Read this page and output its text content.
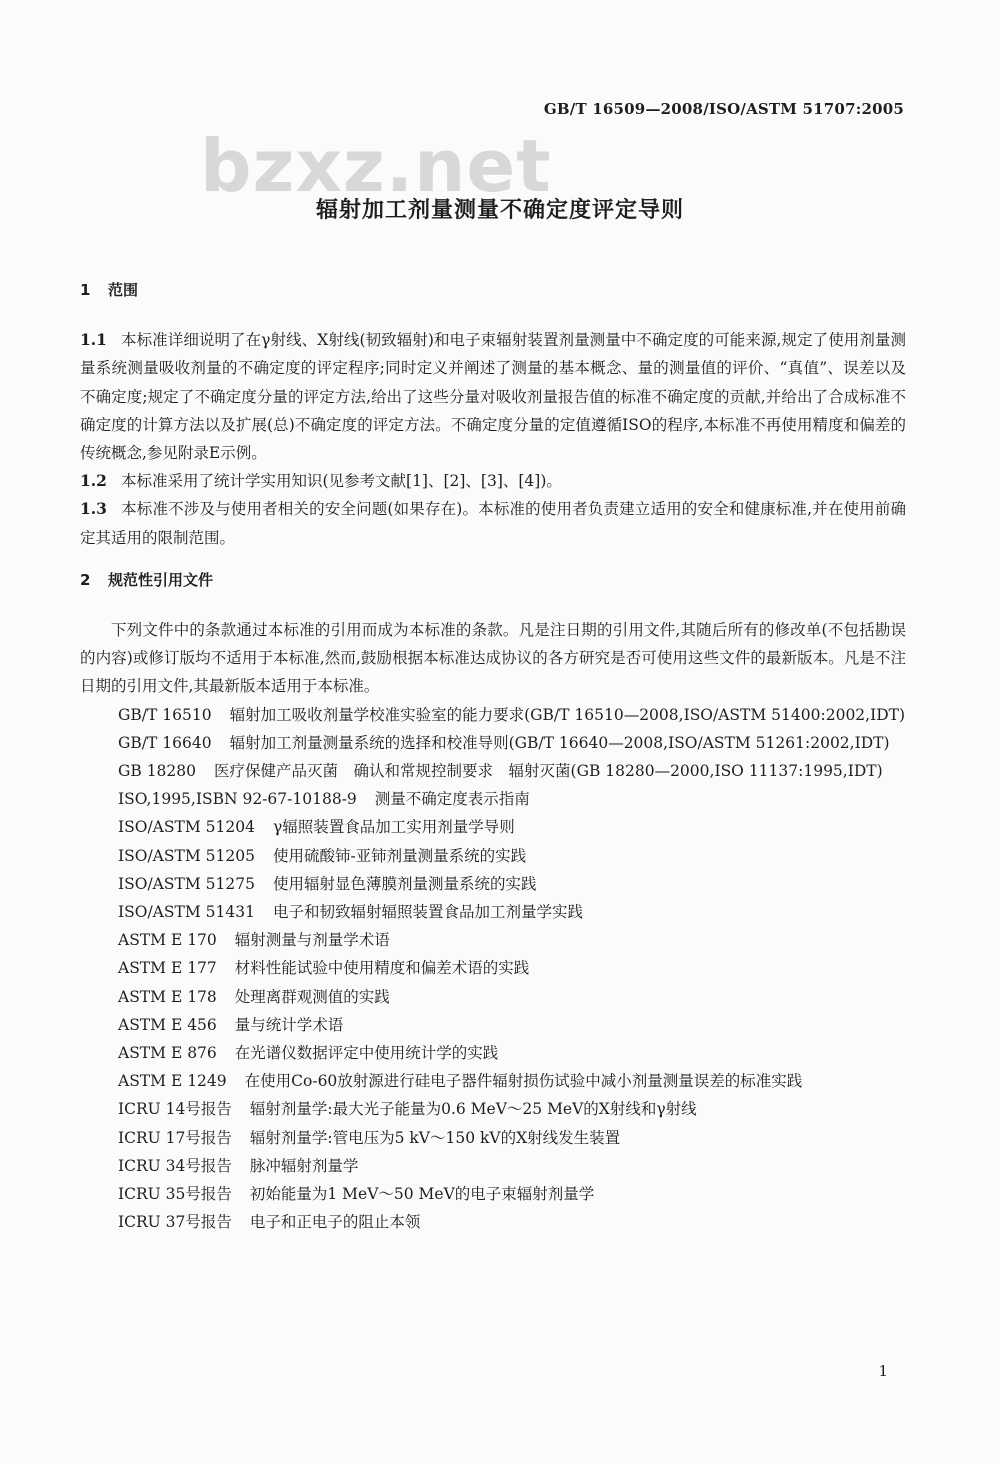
GB/T 16509—2008/ISO/ASTM 51707:2005
bzxz.net
辐射加工剂量测量不确定度评定导则
1 范围
1.1 本标准详细说明了在γ射线、X射线(韧致辐射)和电子束辐射装置剂量测量中不确定度的可能来源,规定了使用剂量测量系统测量吸收剂量的不确定度的评定程序;同时定义并阐述了测量的基本概念、量的测量值的评价、“真值”、误差以及不确定度;规定了不确定度分量的评定方法,给出了这些分量对吸收剂量报告值的标准不确定度的贡献,并给出了合成标准不确定度的计算方法以及扩展(总)不确定度的评定方法。不确定度分量的定值遵循ISO的程序,本标准不再使用精度和偏差的传统概念,参见附录E示例。
1.2 本标准采用了统计学实用知识(见参考文献[1]、[2]、[3]、[4])。
1.3 本标准不涉及与使用者相关的安全问题(如果存在)。本标准的使用者负责建立适用的安全和健康标准,并在使用前确定其适用的限制范围。
2 规范性引用文件
下列文件中的条款通过本标准的引用而成为本标准的条款。凡是注日期的引用文件,其随后所有的修改单(不包括勘误的内容)或修订版均不适用于本标准,然而,鼓励根据本标准达成协议的各方研究是否可使用这些文件的最新版本。凡是不注日期的引用文件,其最新版本适用于本标准。
GB/T 16510 辐射加工吸收剂量学校准实验室的能力要求(GB/T 16510—2008,ISO/ASTM 51400:2002,IDT)
GB/T 16640 辐射加工剂量测量系统的选择和校准导则(GB/T 16640—2008,ISO/ASTM 51261:2002,IDT)
GB 18280 医疗保健产品灭菌　确认和常规控制要求　辐射灭菌(GB 18280—2000,ISO 11137:1995,IDT)
ISO,1995,ISBN 92-67-10188-9 测量不确定度表示指南
ISO/ASTM 51204 γ辐照装置食品加工实用剂量学导则
ISO/ASTM 51205 使用硫酸铈-亚铈剂量测量系统的实践
ISO/ASTM 51275 使用辐射显色薄膜剂量测量系统的实践
ISO/ASTM 51431 电子和韧致辐射辐照装置食品加工剂量学实践
ASTM E 170 辐射测量与剂量学术语
ASTM E 177 材料性能试验中使用精度和偏差术语的实践
ASTM E 178 处理离群观测值的实践
ASTM E 456 量与统计学术语
ASTM E 876 在光谱仪数据评定中使用统计学的实践
ASTM E 1249 在使用Co-60放射源进行硅电子器件辐射损伤试验中减小剂量测量误差的标准实践
ICRU 14号报告 辐射剂量学:最大光子能量为0.6 MeV～25 MeV的X射线和γ射线
ICRU 17号报告 辐射剂量学:管电压为5 kV～150 kV的X射线发生装置
ICRU 34号报告 脉冲辐射剂量学
ICRU 35号报告 初始能量为1 MeV～50 MeV的电子束辐射剂量学
ICRU 37号报告 电子和正电子的阻止本领
1
